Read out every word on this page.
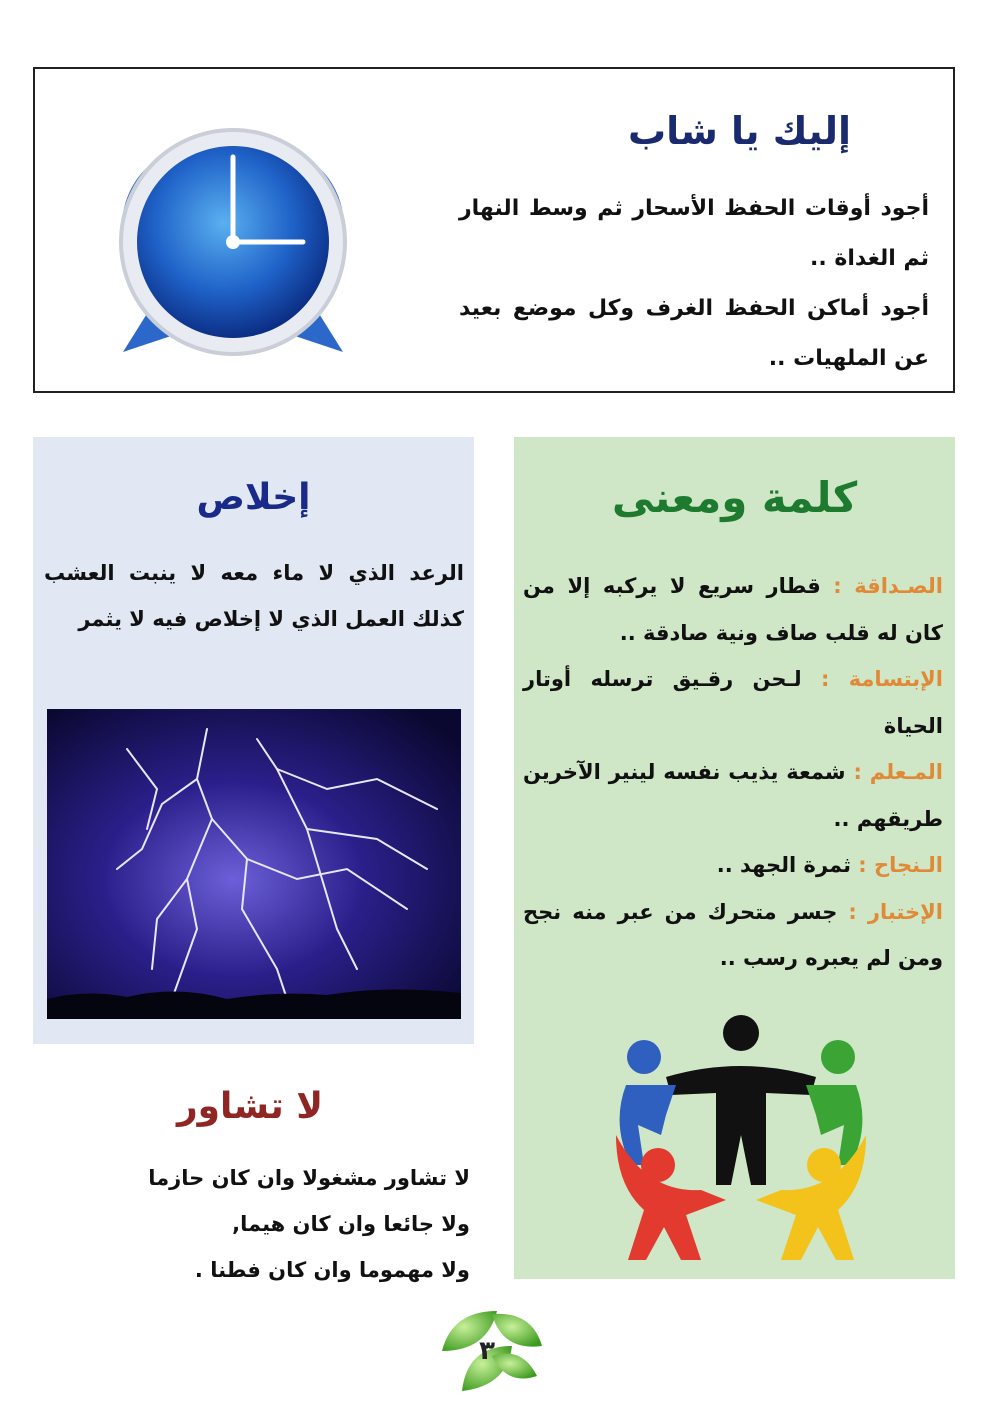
إليك يا شاب

أجود أوقات الحفظ الأسحار ثم وسط النهار ثم الغداة ..

أجود أماكن الحفظ الغرف وكل موضع بعيد عن الملهيات ..

كلمة ومعنى

الصـداقة : قطار سريع لا يركبه إلا من كان له قلب صاف ونية صادقة ..

الإبتسامة : لـحن رقـيق ترسله أوتار الحياة

المـعلم : شمعة يذيب نفسه لينير الآخرين طريقهم ..

الـنجاح : ثمرة الجهد ..

الإختبار : جسر متحرك من عبر منه نجح ومن لم يعبره رسب ..

إخلاص
الرعد الذي لا ماء معه لا ينبت العشب كذلك العمل الذي لا إخلاص فيه لا يثمر
لا تشاور

لا تشاور مشغولا وان كان حازما

ولا جائعا وان كان هيما,

ولا مهموما وان كان فطنا .

٣
